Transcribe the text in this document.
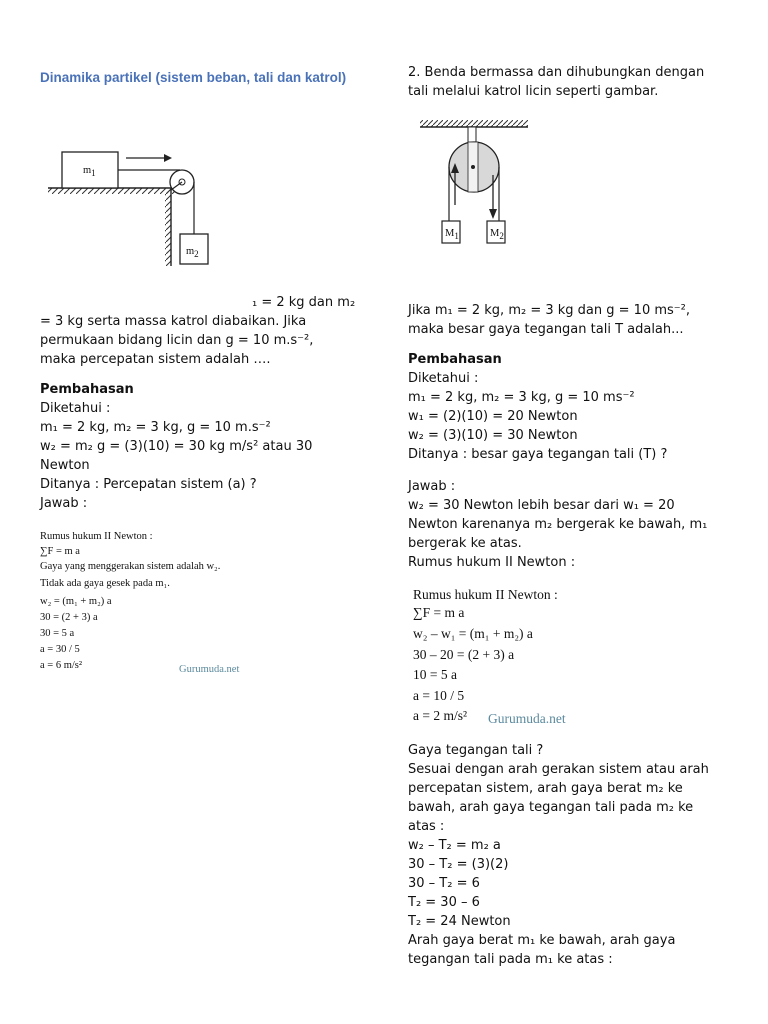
Dinamika partikel (sistem beban, tali dan katrol)
$m_1$
$m_2$
₁ = 2 kg dan m₂
= 3 kg serta massa katrol diabaikan. Jika
permukaan bidang licin dan g = 10 m.s⁻²,
maka percepatan sistem adalah ….
Pembahasan
Diketahui :
m₁ = 2 kg, m₂ = 3 kg, g = 10 m.s⁻²
w₂ = m₂ g = (3)(10) = 30 kg m/s² atau 30
Newton
Ditanya : Percepatan sistem (a) ?
Jawab :
Rumus hukum II Newton :
∑F = m a
Gaya yang menggerakan sistem adalah w₂.
Tidak ada gaya gesek pada m₁.
w₂ = (m₁ + m₂) a
30 = (2 + 3) a
30 = 5 a
a = 30 / 5
a = 6 m/s²	Gurumuda.net
2. Benda bermassa dan dihubungkan dengan
tali melalui katrol licin seperti gambar.
$M_1$	$M_2$
Jika m₁ = 2 kg, m₂ = 3 kg dan g = 10 ms⁻²,
maka besar gaya tegangan tali T adalah...
Pembahasan
Diketahui :
m₁ = 2 kg, m₂ = 3 kg, g = 10 ms⁻²
w₁ = (2)(10) = 20 Newton
w₂ = (3)(10) = 30 Newton
Ditanya : besar gaya tegangan tali (T) ?
Jawab :
w₂ = 30 Newton lebih besar dari w₁ = 20
Newton karenanya m₂ bergerak ke bawah, m₁
bergerak ke atas.
Rumus hukum II Newton :
Rumus hukum II Newton :
∑F = m a
w₂ – w₁ = (m₁ + m₂) a
30 – 20 = (2 + 3) a
10 = 5 a
a = 10 / 5
a = 2 m/s² Gurumuda.net
Gaya tegangan tali ?
Sesuai dengan arah gerakan sistem atau arah
percepatan sistem, arah gaya berat m₂ ke
bawah, arah gaya tegangan tali pada m₂ ke
atas :
w₂ – T₂ = m₂ a
30 – T₂ = (3)(2)
30 – T₂ = 6
T₂ = 30 – 6
T₂ = 24 Newton
Arah gaya berat m₁ ke bawah, arah gaya
tegangan tali pada m₁ ke atas :
